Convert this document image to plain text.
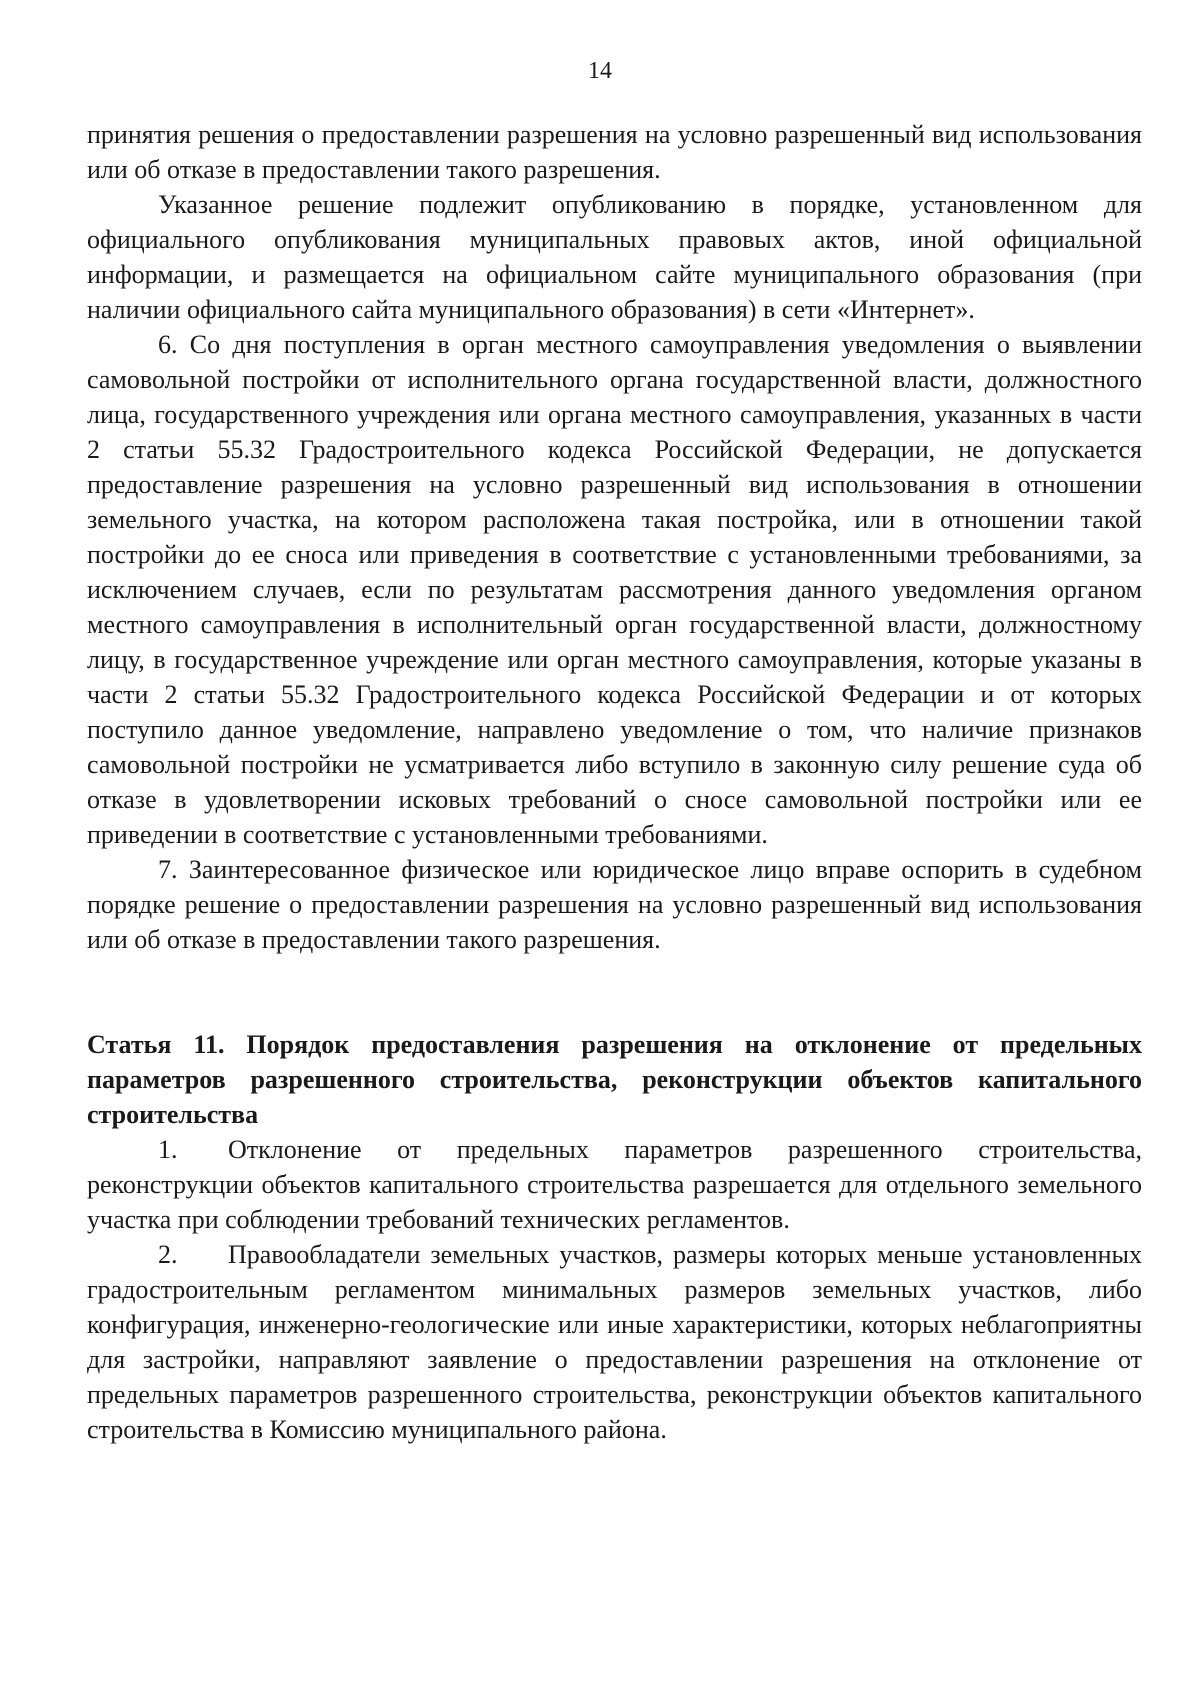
14

принятия решения о предоставлении разрешения на условно разрешенный вид использования или об отказе в предоставлении такого разрешения.

Указанное решение подлежит опубликованию в порядке, установленном для официального опубликования муниципальных правовых актов, иной официальной информации, и размещается на официальном сайте муниципального образования (при наличии официального сайта муниципального образования) в сети «Интернет».

6. Со дня поступления в орган местного самоуправления уведомления о выявлении самовольной постройки от исполнительного органа государственной власти, должностного лица, государственного учреждения или органа местного самоуправления, указанных в части 2 статьи 55.32 Градостроительного кодекса Российской Федерации, не допускается предоставление разрешения на условно разрешенный вид использования в отношении земельного участка, на котором расположена такая постройка, или в отношении такой постройки до ее сноса или приведения в соответствие с установленными требованиями, за исключением случаев, если по результатам рассмотрения данного уведомления органом местного самоуправления в исполнительный орган государственной власти, должностному лицу, в государственное учреждение или орган местного самоуправления, которые указаны в части 2 статьи 55.32 Градостроительного кодекса Российской Федерации и от которых поступило данное уведомление, направлено уведомление о том, что наличие признаков самовольной постройки не усматривается либо вступило в законную силу решение суда об отказе в удовлетворении исковых требований о сносе самовольной постройки или ее приведении в соответствие с установленными требованиями.

7. Заинтересованное физическое или юридическое лицо вправе оспорить в судебном порядке решение о предоставлении разрешения на условно разрешенный вид использования или об отказе в предоставлении такого разрешения.

Статья 11. Порядок предоставления разрешения на отклонение от предельных параметров разрешенного строительства, реконструкции объектов капитального строительства

1. Отклонение от предельных параметров разрешенного строительства, реконструкции объектов капитального строительства разрешается для отдельного земельного участка при соблюдении требований технических регламентов.

2. Правообладатели земельных участков, размеры которых меньше установленных градостроительным регламентом минимальных размеров земельных участков, либо конфигурация, инженерно-геологические или иные характеристики, которых неблагоприятны для застройки, направляют заявление о предоставлении разрешения на отклонение от предельных параметров разрешенного строительства, реконструкции объектов капитального строительства в Комиссию муниципального района.
